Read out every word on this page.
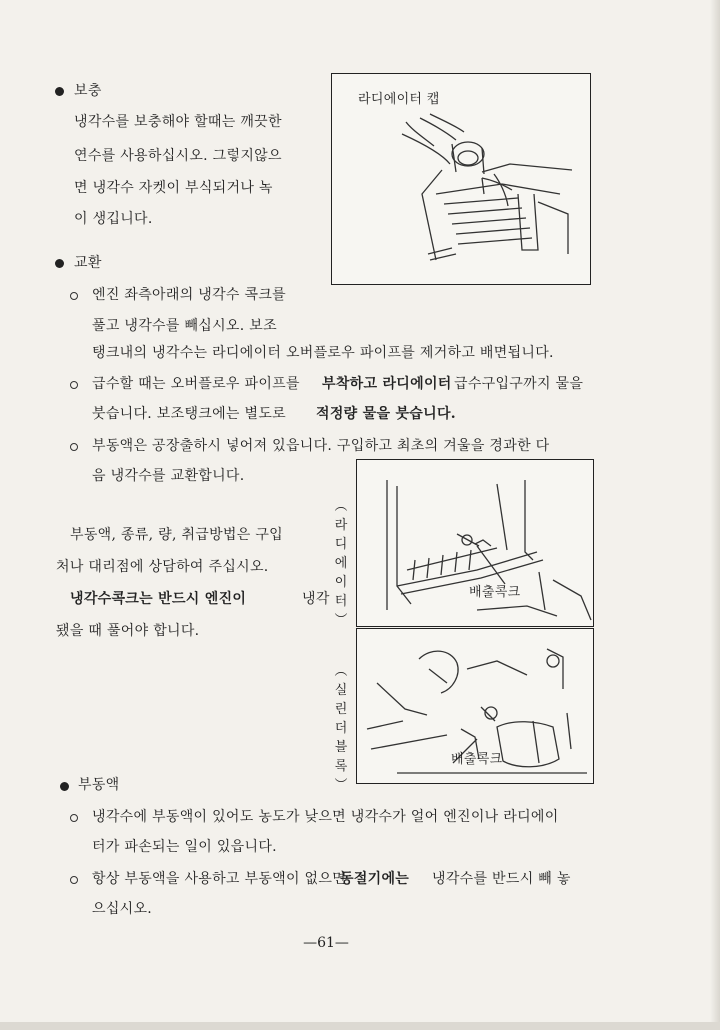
보충
냉각수를 보충해야 할때는 깨끗한
연수를 사용하십시오. 그렇지않으
면 냉각수 자켓이 부식되거나 녹
이 생깁니다.
라디에이터 캡
교환
엔진 좌측아래의 냉각수 콕크를
풀고 냉각수를 빼십시오. 보조
탱크내의 냉각수는 라디에이터 오버플로우 파이프를 제거하고 배면됩니다.
급수할 때는 오버플로우 파이프를 부착하고 라디에이터 급수구입구까지 물을
붓습니다. 보조탱크에는 별도로 적정량 물을 붓습니다.
부동액은 공장출하시 넣어져 있읍니다. 구입하고 최초의 겨울을 경과한 다
음 냉각수를 교환합니다.
부동액, 종류, 량, 취급방법은 구입
처나 대리점에 상담하여 주십시오.
냉각수콕크는 반드시 엔진이
됐을 때 풀어야 합니다.
냉각
︵
라
디
에
이
터
︶
︵
실
린
더
블
록
︶
배출콕크
배출콕크
부동액
냉각수에 부동액이 있어도 농도가 낮으면 냉각수가 얼어 엔진이나 라디에이
터가 파손되는 일이 있읍니다.
항상 부동액을 사용하고 부동액이 없으면
동절기에는 냉각수를 반드시 빼 놓
으십시오.
—61—
